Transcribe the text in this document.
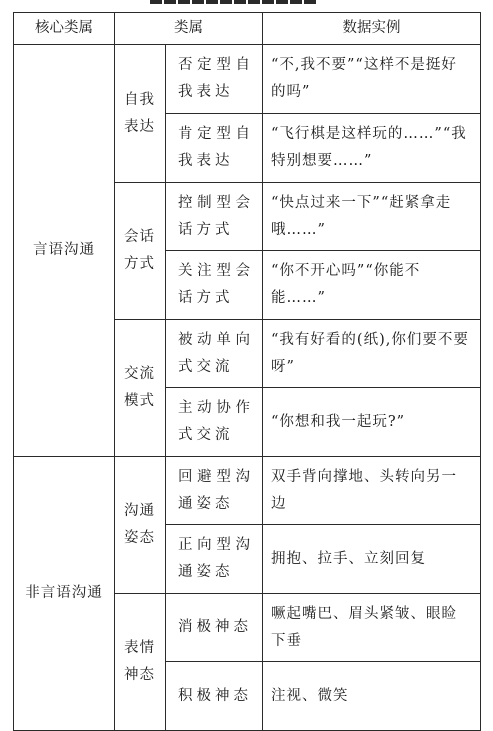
核心类属	类属		数据实例
言语沟通	自我表达	否定型自我表达	“不,我不要”“这样不是挺好的吗”
		肯定型自我表达	“飞行棋是这样玩的……”“我特别想要……”
	会话方式	控制型会话方式	“快点过来一下”“赶紧拿走哦……”
		关注型会话方式	“你不开心吗”“你能不能……”
	交流模式	被动单向式交流	“我有好看的(纸),你们要不要呀”
		主动协作式交流	“你想和我一起玩?”
非言语沟通	沟通姿态	回避型沟通姿态	双手背向撑地、头转向另一边
		正向型沟通姿态	拥抱、拉手、立刻回复
	表情神态	消极神态	噘起嘴巴、眉头紧皱、眼睑下垂
		积极神态	注视、微笑
